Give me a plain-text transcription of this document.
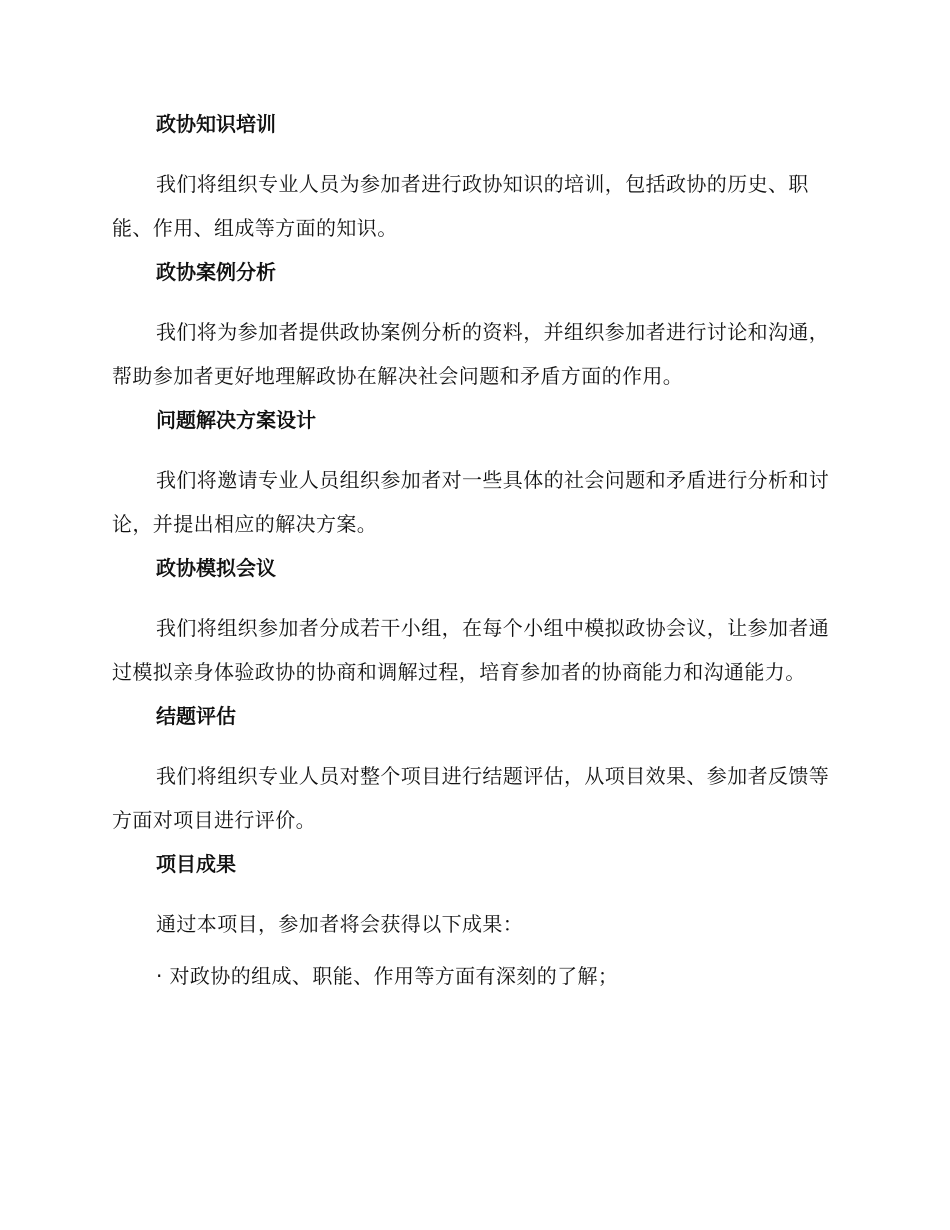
政协知识培训
我们将组织专业人员为参加者进行政协知识的培训，包括政协的历史、职能、作用、组成等方面的知识。
政协案例分析
我们将为参加者提供政协案例分析的资料，并组织参加者进行讨论和沟通，帮助参加者更好地理解政协在解决社会问题和矛盾方面的作用。
问题解决方案设计
我们将邀请专业人员组织参加者对一些具体的社会问题和矛盾进行分析和讨论，并提出相应的解决方案。
政协模拟会议
我们将组织参加者分成若干小组，在每个小组中模拟政协会议，让参加者通过模拟亲身体验政协的协商和调解过程，培育参加者的协商能力和沟通能力。
结题评估
我们将组织专业人员对整个项目进行结题评估，从项目效果、参加者反馈等方面对项目进行评价。
项目成果
通过本项目，参加者将会获得以下成果：
· 对政协的组成、职能、作用等方面有深刻的了解；
